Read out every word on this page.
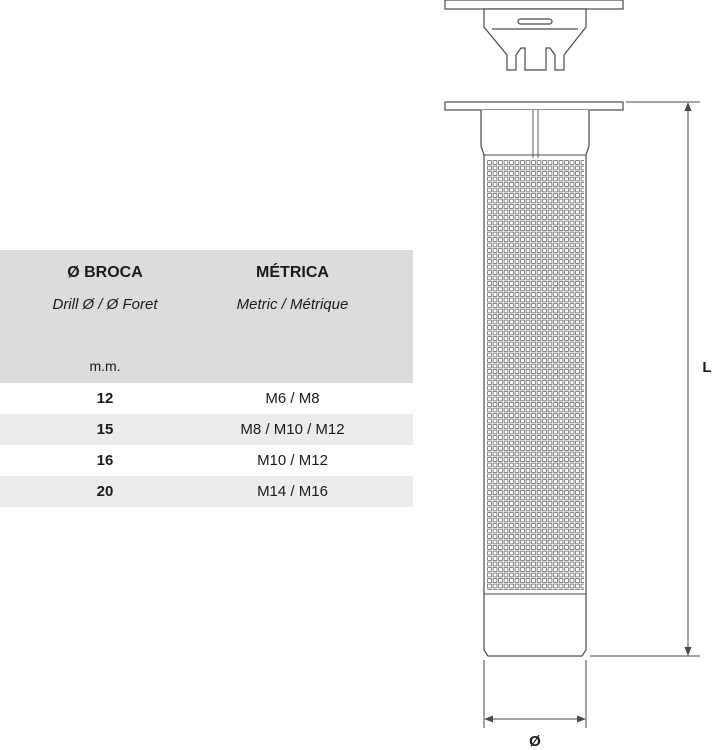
Ø BROCA	MÉTRICA
Drill Ø / Ø Foret	Metric / Métrique
m.m.
12	M6 / M8
15	M8 / M10 / M12
16	M10 / M12
20	M14 / M16
L
Ø
